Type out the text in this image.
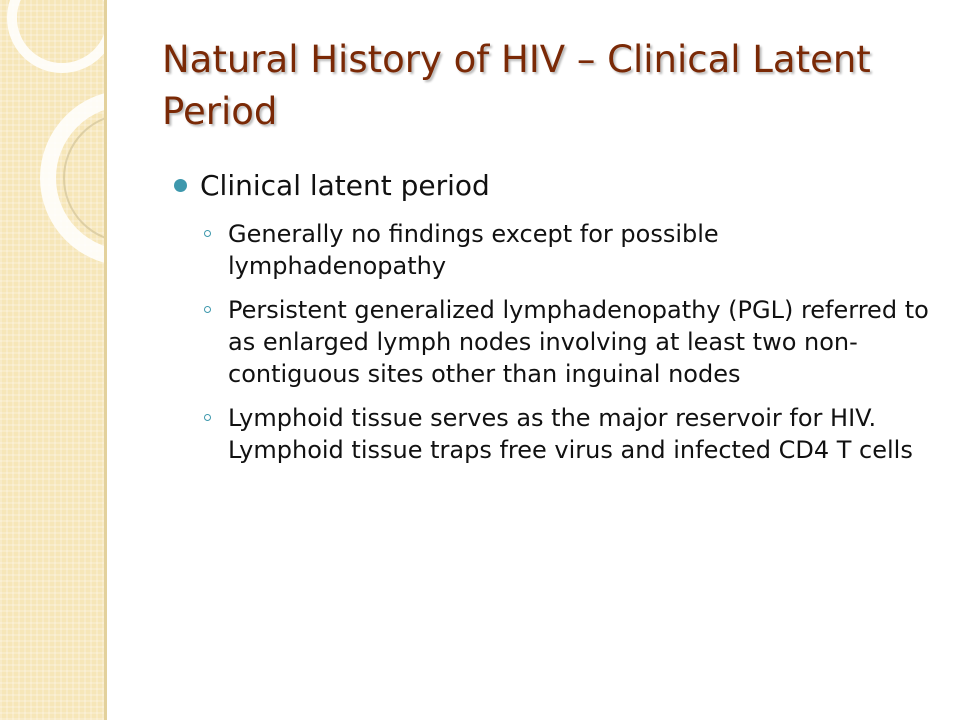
Natural History of HIV – Clinical Latent Period
Clinical latent period
Generally no findings except for possible lymphadenopathy
Persistent generalized lymphadenopathy (PGL) referred to as enlarged lymph nodes involving at least two non-contiguous sites other than inguinal nodes
Lymphoid tissue serves as the major reservoir for HIV. Lymphoid tissue traps free virus and infected CD4 T cells
